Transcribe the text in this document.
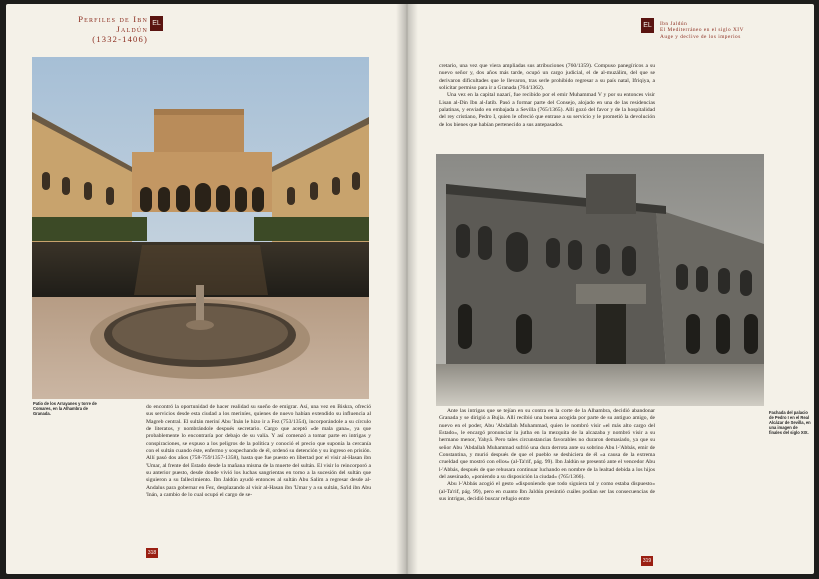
Perfiles de Ibn Jaldún
(1332-1406)
EL
Patio de los Arrayanes y torre de Comares, en la Alhambra de Granada.

do encontró la oportunidad de hacer realidad su sueño de emigrar. Así, una vez en Biskra, ofreció sus servicios desde esta ciudad a los meriníes, quienes de nuevo habían extendido su influencia al Magreb central. El sultán meriní Abu 'Inán le hizo ir a Fez (753/1354), incorporándole a su círculo de literatos, y nombrándole después secretario. Cargo que aceptó «de mala gana», ya que probablemente lo encontraría por debajo de su valía. Y así comenzó a tomar parte en intrigas y conspiraciones, se expuso a los peligros de la política y conoció el precio que suponía la cercanía con el sultán cuando éste, enfermo y sospechando de él, ordenó su detención y su ingreso en prisión. Allí pasó dos años (758-759/1357-1358), hasta que fue puesto en libertad por el visir al-Hasan ibn 'Umar, al frente del Estado desde la mañana misma de la muerte del sultán. El visir lo reincorporó a su anterior puesto, desde donde vivió los luchas sangrientas en torno a la sucesión del sultán que siguieron a su fallecimiento. Ibn Jaldún ayudó entonces al sultán Abu Salim a regresar desde al-Andalus para gobernar en Fez, desplazando al visir al-Hasan ibn 'Umar y a su sultán, Sa'id ibn Abu 'Inán, a cambio de lo cual ocupó el cargo de se-

318
EL	Ibn Jaldún
El Mediterráneo en el siglo XIV
Auge y declive de los imperios

cretario, una vez que viera ampliadas sus atribuciones (760/1359). Compuso panegíricos a su nuevo señor y, dos años más tarde, ocupó un cargo judicial, el de al-muzálim, del que se derivaron dificultades que le llevaron, tras serle prohibido regresar a su país natal, Ifriqiya, a solicitar permiso para ir a Granada (764/1362).

Una vez en la capital nazarí, fue recibido por el emir Muhammad V y por su entonces visir Lisan al-Din Ibn al-Jatib. Pasó a formar parte del Consejo, alojado en una de las residencias palatinas, y enviado en embajada a Sevilla (765/1365). Allí gozó del favor y de la hospitalidad del rey cristiano, Pedro I, quien le ofreció que entrase a su servicio y le prometió la devolución de los bienes que habían pertenecido a sus antepasados.

Fachada del palacio de Pedro I en el Real Alcázar de Sevilla, en una imagen de finales del siglo XIX.

Ante las intrigas que se tejían en su contra en la corte de la Alhambra, decidió abandonar Granada y se dirigió a Bujía. Allí recibió una buena acogida por parte de su antiguo amigo, de nuevo en el poder, Abu 'Abdallah Muhammad, quien le nombró visir «el más alto cargo del Estado», le encargó pronunciar la jutba en la mezquita de la alcazaba y nombró visir a su hermano menor, Yahyá. Pero tales circunstancias favorables no duraron demasiado, ya que su señor Abu 'Abdallah Muhammad sufrió una dura derrota ante su sobrino Abu l-'Abbás, emir de Constantina, y murió después de que el pueblo se deshiciera de él «a causa de la extrema crueldad que mostró con ellos» (al-Ta'rif, pág. 99). Ibn Jaldún se presentó ante el vencedor Abu l-'Abbás, después de que rehusara continuar luchando en nombre de la lealtad debida a los hijos del asesinado, «poniendo a su disposición la ciudad» (765/1366).

Abu l-'Abbás acogió el gesto «disponiendo que todo siguiera tal y como estaba dispuesto» (al-Ta'rif, pág. 99), pero en cuanto Ibn Jaldún presintió cuáles podían ser las consecuencias de sus intrigas, decidió buscar refugio entre

319
